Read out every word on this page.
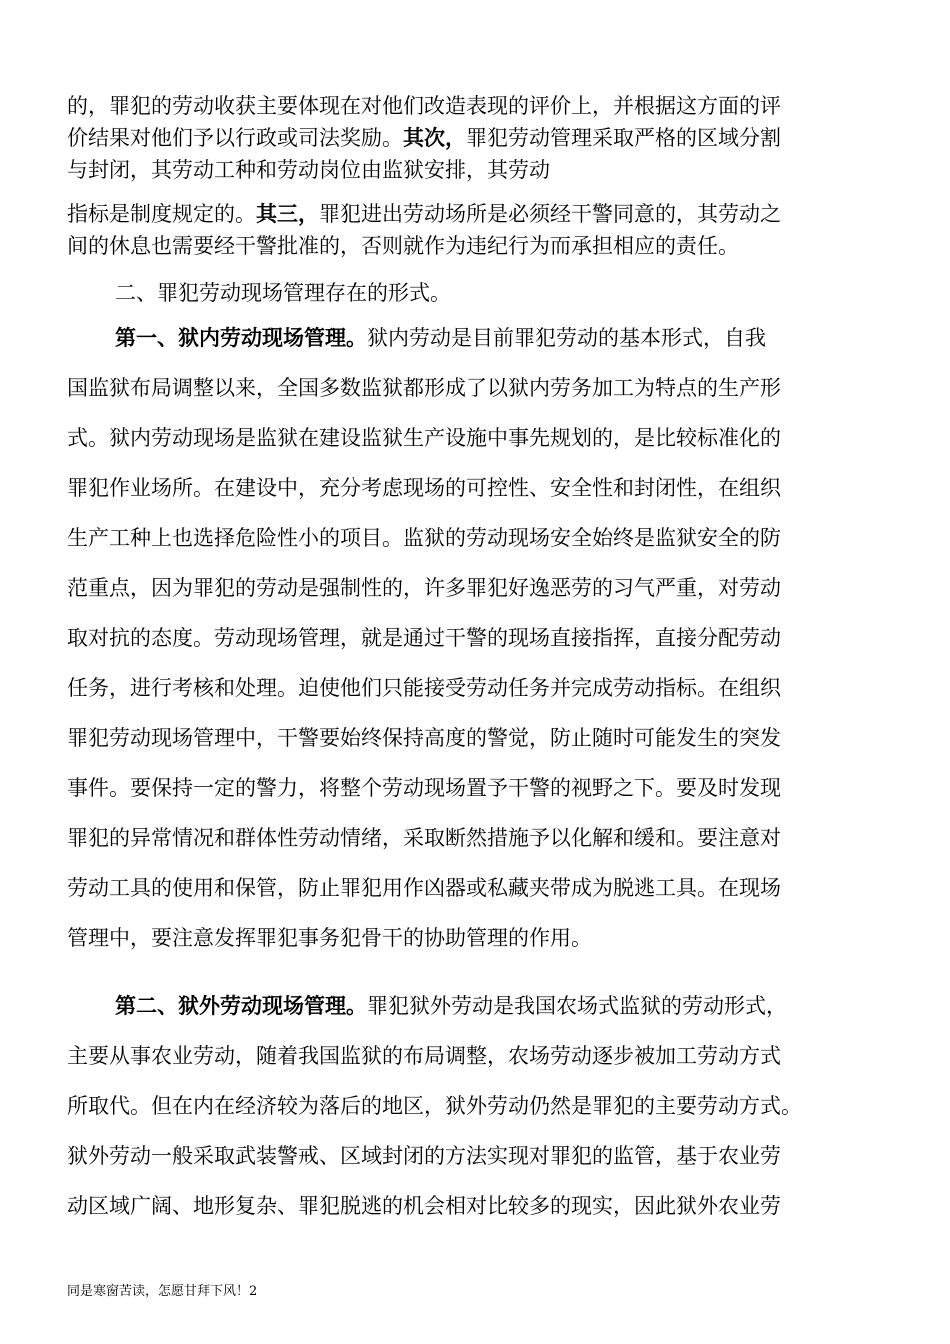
的，罪犯的劳动收获主要体现在对他们改造表现的评价上，并根据这方面的评
价结果对他们予以行政或司法奖励。其次，罪犯劳动管理采取严格的区域分割
与封闭，其劳动工种和劳动岗位由监狱安排，其劳动

指标是制度规定的。其三，罪犯进出劳动场所是必须经干警同意的，其劳动之
间的休息也需要经干警批准的，否则就作为违纪行为而承担相应的责任。

二、罪犯劳动现场管理存在的形式。

第一、狱内劳动现场管理。狱内劳动是目前罪犯劳动的基本形式，自我
国监狱布局调整以来，全国多数监狱都形成了以狱内劳务加工为特点的生产形
式。狱内劳动现场是监狱在建设监狱生产设施中事先规划的，是比较标准化的
罪犯作业场所。在建设中，充分考虑现场的可控性、安全性和封闭性，在组织
生产工种上也选择危险性小的项目。监狱的劳动现场安全始终是监狱安全的防
范重点，因为罪犯的劳动是强制性的，许多罪犯好逸恶劳的习气严重，对劳动
取对抗的态度。劳动现场管理，就是通过干警的现场直接指挥，直接分配劳动
任务，进行考核和处理。迫使他们只能接受劳动任务并完成劳动指标。在组织
罪犯劳动现场管理中，干警要始终保持高度的警觉，防止随时可能发生的突发
事件。要保持一定的警力，将整个劳动现场置予干警的视野之下。要及时发现
罪犯的异常情况和群体性劳动情绪，采取断然措施予以化解和缓和。要注意对
劳动工具的使用和保管，防止罪犯用作凶器或私藏夹带成为脱逃工具。在现场
管理中，要注意发挥罪犯事务犯骨干的协助管理的作用。

第二、狱外劳动现场管理。罪犯狱外劳动是我国农场式监狱的劳动形式，
主要从事农业劳动，随着我国监狱的布局调整，农场劳动逐步被加工劳动方式
所取代。但在内在经济较为落后的地区，狱外劳动仍然是罪犯的主要劳动方式。
狱外劳动一般采取武装警戒、区域封闭的方法实现对罪犯的监管，基于农业劳
动区域广阔、地形复杂、罪犯脱逃的机会相对比较多的现实，因此狱外农业劳

同是寒窗苦读，怎愿甘拜下风！2
